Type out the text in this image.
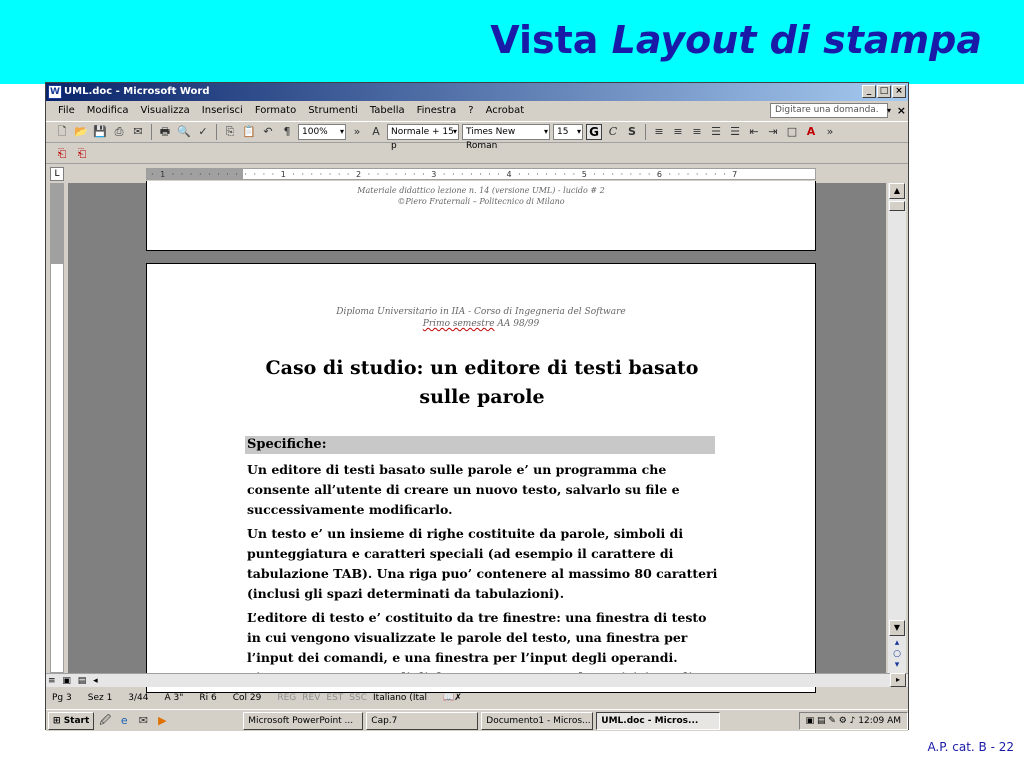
Vista Layout di stampa
W UML.doc - Microsoft Word	_ □ ×
File Modifica Visualizza Inserisci Formato Strumenti Tabella Finestra ? Acrobat	Digitare una domanda.	▾ ×
🗋 📂 💾 ⎙ ✉	🖶 🔍 ✓	⎘ 📋 ↶ ¶	100% ▾	»	A	Normale + 15 p ▾
Times New Roman ▾
15 ▾	G C S	≡ ≡ ≡ ☰ ☰ ⇤ ⇥ □ A	»
⎗	⎗
L	· 1 · · · · · · · · · · · · 1 · · · · · · · 2 · · · · · · · 3 · · · · · · · 4 · · · · · · · 5 · · · · · · · 6 · · · · · · · 7
Materiale didattico lezione n. 14 (versione UML) - lucido # 2
©Piero Fraternali – Politecnico di Milano
Diploma Universitario in IIA - Corso di Ingegneria del Software
Primo semestre AA 98/99
Caso di studio: un editore di testi basato sulle parole
Specifiche:

Un editore di testi basato sulle parole e’ un programma che consente all’utente di creare un nuovo testo, salvarlo su file e successivamente modificarlo.

Un testo e’ un insieme di righe costituite da parole, simboli di punteggiatura e caratteri speciali (ad esempio il carattere di tabulazione TAB). Una riga puo’ contenere al massimo 80 caratteri (inclusi gli spazi determinati da tabulazioni).

L’editore di testo e’ costituito da tre finestre: una finestra di testo in cui vengono visualizzate le parole del testo, una finestra per l’input dei comandi, e una finestra per l’input degli operandi.

▲
▼
▴
○
▾
≡ ▣ ▤ ◂	▸
Pg 3 Sez 1 3/44 A 3" Ri 6 Col 29 REG REV EST SSC Italiano (Ital 📖✗
⊞ Start 🖉 e	✉ ▶	Microsoft PowerPoint ...	Cap.7	Documento1 - Micros...	UML.doc - Micros...	▣ ▤ ✎ ⚙ ♪ 12:09 AM
A.P. cat. B - 22
